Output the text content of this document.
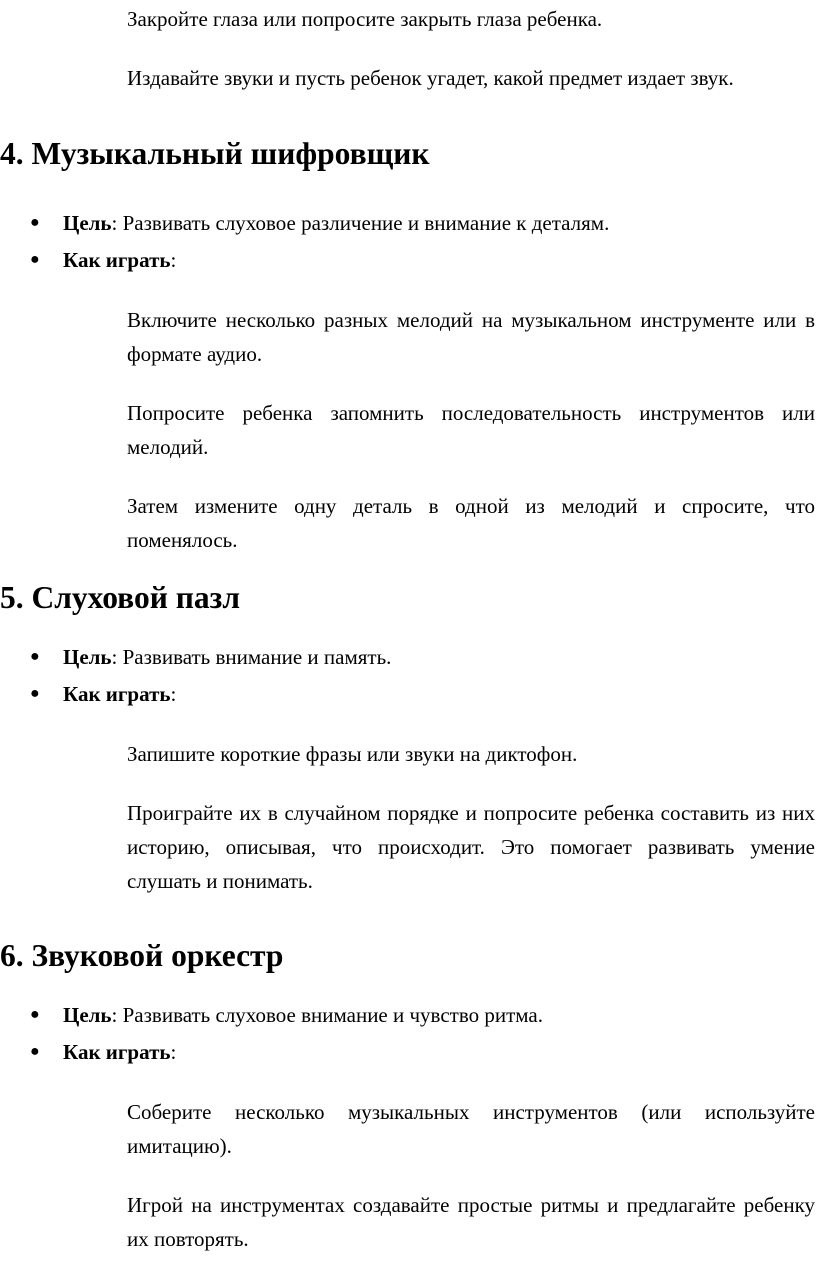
Закройте глаза или попросите закрыть глаза ребенка.

Издавайте звуки и пусть ребенок угадет, какой предмет издает звук.

4. Музыкальный шифровщик
● Цель: Развивать слуховое различение и внимание к деталям.
● Как играть:

Включите несколько разных мелодий на музыкальном инструменте или в формате аудио.

Попросите ребенка запомнить последовательность инструментов или мелодий.

Затем измените одну деталь в одной из мелодий и спросите, что поменялось.

5. Слуховой пазл
● Цель: Развивать внимание и память.
● Как играть:

Запишите короткие фразы или звуки на диктофон.

Проиграйте их в случайном порядке и попросите ребенка составить из них историю, описывая, что происходит. Это помогает развивать умение слушать и понимать.

6. Звуковой оркестр
● Цель: Развивать слуховое внимание и чувство ритма.
● Как играть:

Соберите несколько музыкальных инструментов (или используйте имитацию).

Игрой на инструментах создавайте простые ритмы и предлагайте ребенку их повторять.
